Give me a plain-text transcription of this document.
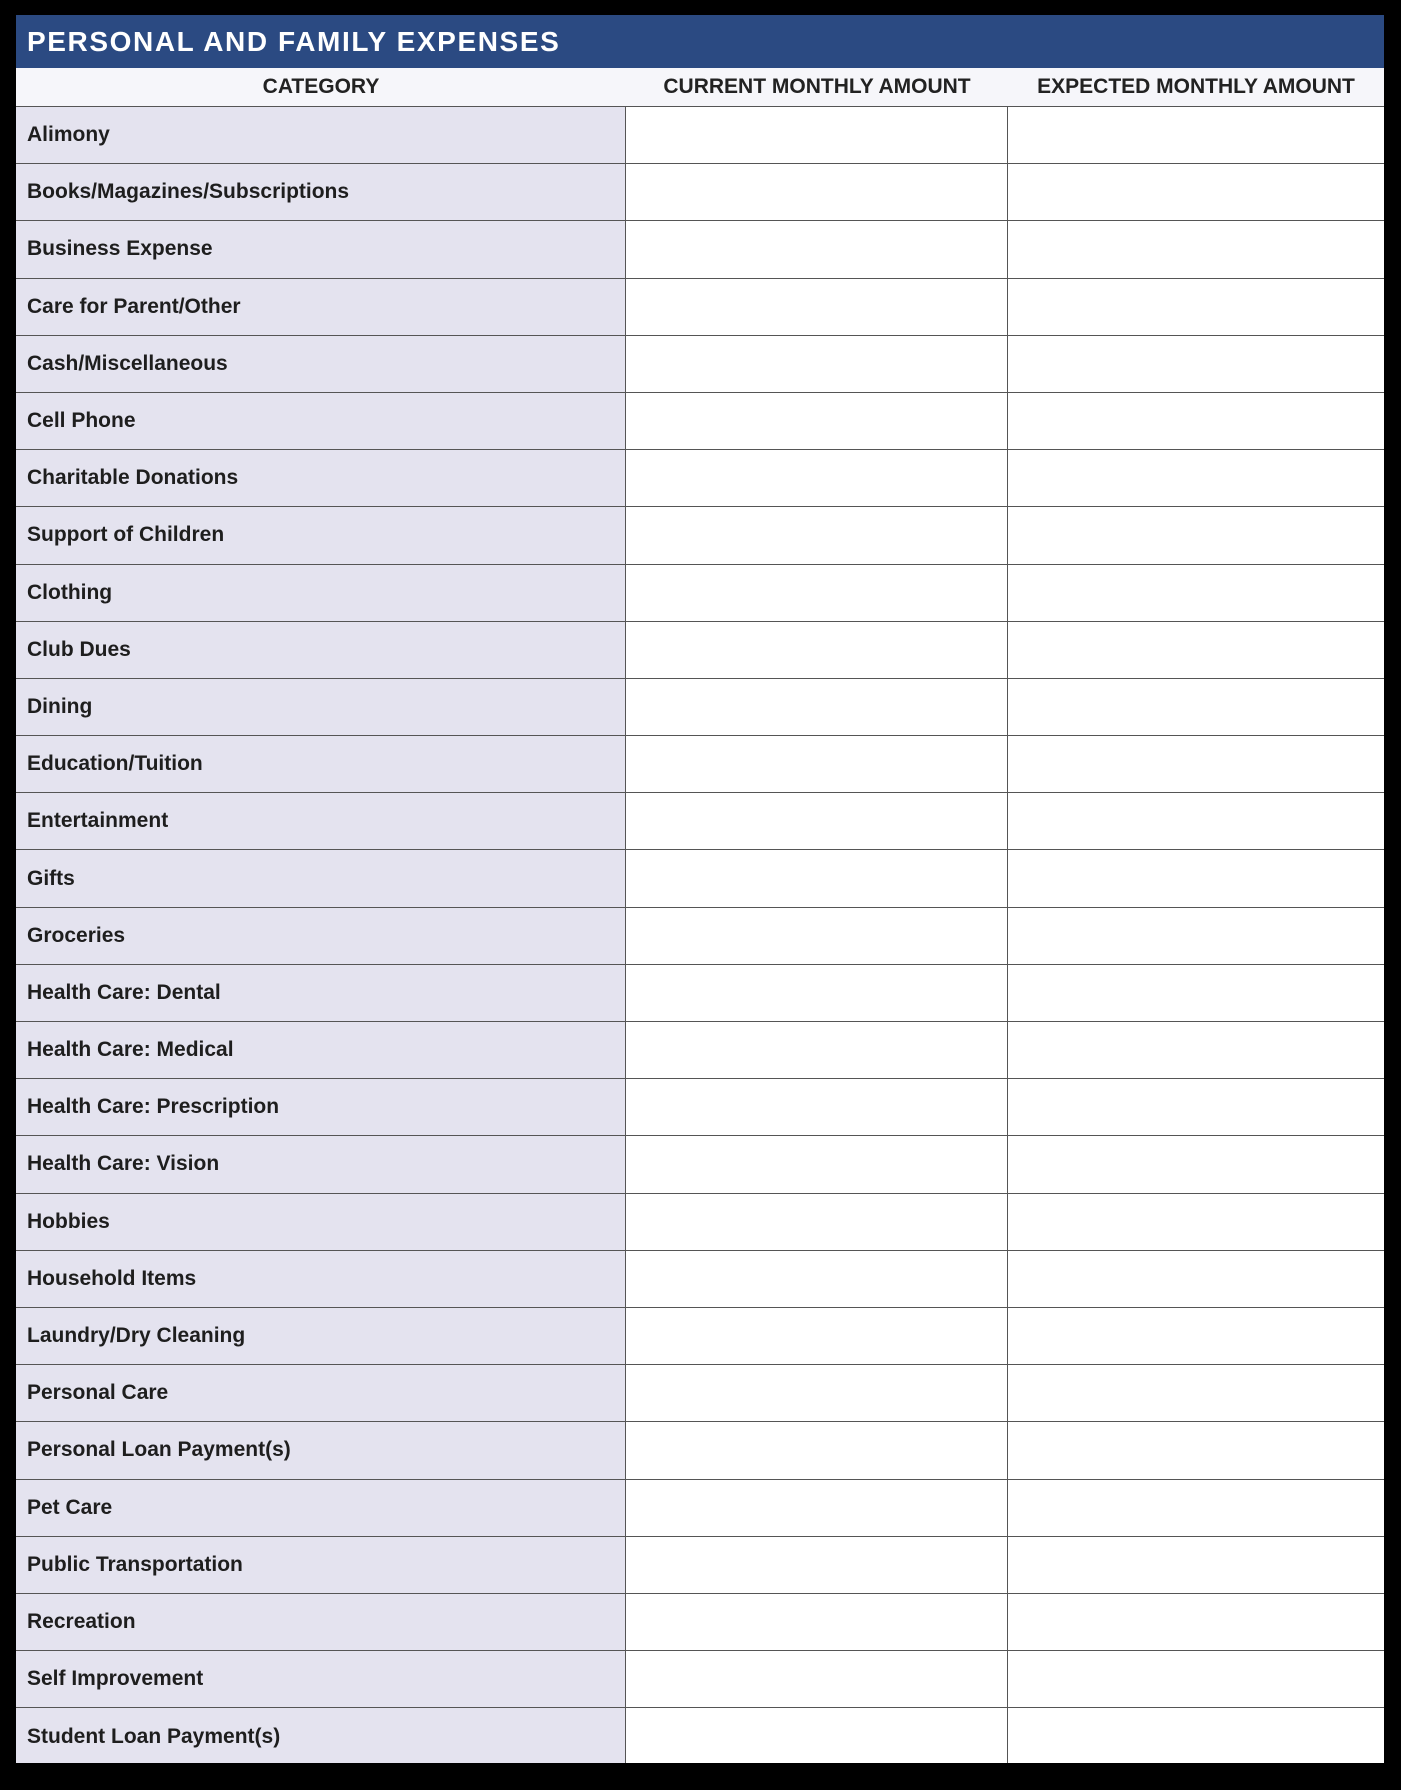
PERSONAL AND FAMILY EXPENSES
CATEGORY	CURRENT MONTHLY AMOUNT	EXPECTED MONTHLY AMOUNT
Alimony
Books/Magazines/Subscriptions
Business Expense
Care for Parent/Other
Cash/Miscellaneous
Cell Phone
Charitable Donations
Support of Children
Clothing
Club Dues
Dining
Education/Tuition
Entertainment
Gifts
Groceries
Health Care: Dental
Health Care: Medical
Health Care: Prescription
Health Care: Vision
Hobbies
Household Items
Laundry/Dry Cleaning
Personal Care
Personal Loan Payment(s)
Pet Care
Public Transportation
Recreation
Self Improvement
Student Loan Payment(s)
